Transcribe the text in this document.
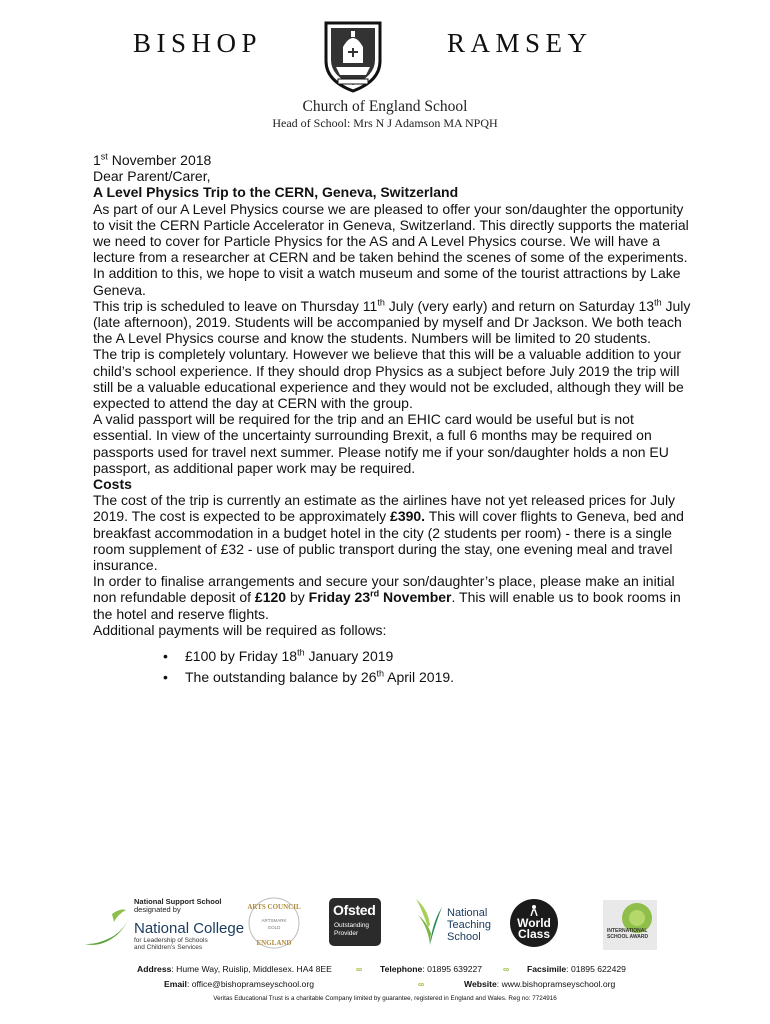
BISHOP	RAMSEY
Church of England School
Head of School: Mrs N J Adamson MA NPQH

1st November 2018

Dear Parent/Carer,

A Level Physics Trip to the CERN, Geneva, Switzerland

As part of our A Level Physics course we are pleased to offer your son/daughter the opportunity to visit the CERN Particle Accelerator in Geneva, Switzerland. This directly supports the material we need to cover for Particle Physics for the AS and A Level Physics course. We will have a lecture from a researcher at CERN and be taken behind the scenes of some of the experiments. In addition to this, we hope to visit a watch museum and some of the tourist attractions by Lake Geneva.

This trip is scheduled to leave on Thursday 11th July (very early) and return on Saturday 13th July (late afternoon), 2019. Students will be accompanied by myself and Dr Jackson. We both teach the A Level Physics course and know the students. Numbers will be limited to 20 students.

The trip is completely voluntary. However we believe that this will be a valuable addition to your child’s school experience. If they should drop Physics as a subject before July 2019 the trip will still be a valuable educational experience and they would not be excluded, although they will be expected to attend the day at CERN with the group.

A valid passport will be required for the trip and an EHIC card would be useful but is not essential. In view of the uncertainty surrounding Brexit, a full 6 months may be required on passports used for travel next summer. Please notify me if your son/daughter holds a non EU passport, as additional paper work may be required.

Costs

The cost of the trip is currently an estimate as the airlines have not yet released prices for July 2019. The cost is expected to be approximately £390. This will cover flights to Geneva, bed and breakfast accommodation in a budget hotel in the city (2 students per room) - there is a single room supplement of £32 - use of public transport during the stay, one evening meal and travel insurance.

In order to finalise arrangements and secure your son/daughter’s place, please make an initial non refundable deposit of £120 by Friday 23rd November. This will enable us to book rooms in the hotel and reserve flights.

Additional payments will be required as follows:

• £100 by Friday 18th January 2019
• The outstanding balance by 26th April 2019.
National Support School
designated by
National College
for Leadership of Schools
and Children’s Services
ARTS COUNCIL
ARTSMARK
GOLD
ENGLAND
Ofsted
Outstanding
Provider
National
Teaching
School
World
Class	INTERNATIONAL
SCHOOL AWARD
Address: Hume Way, Ruislip, Middlesex. HA4 8EE	∞ Telephone: 01895 639227 ∞ Facsimile: 01895 622429
Email: office@bishopramseyschool.org	∞	Website: www.bishopramseyschool.org
Veritas Educational Trust is a charitable Company limited by guarantee, registered in England and Wales. Reg no: 7724916
